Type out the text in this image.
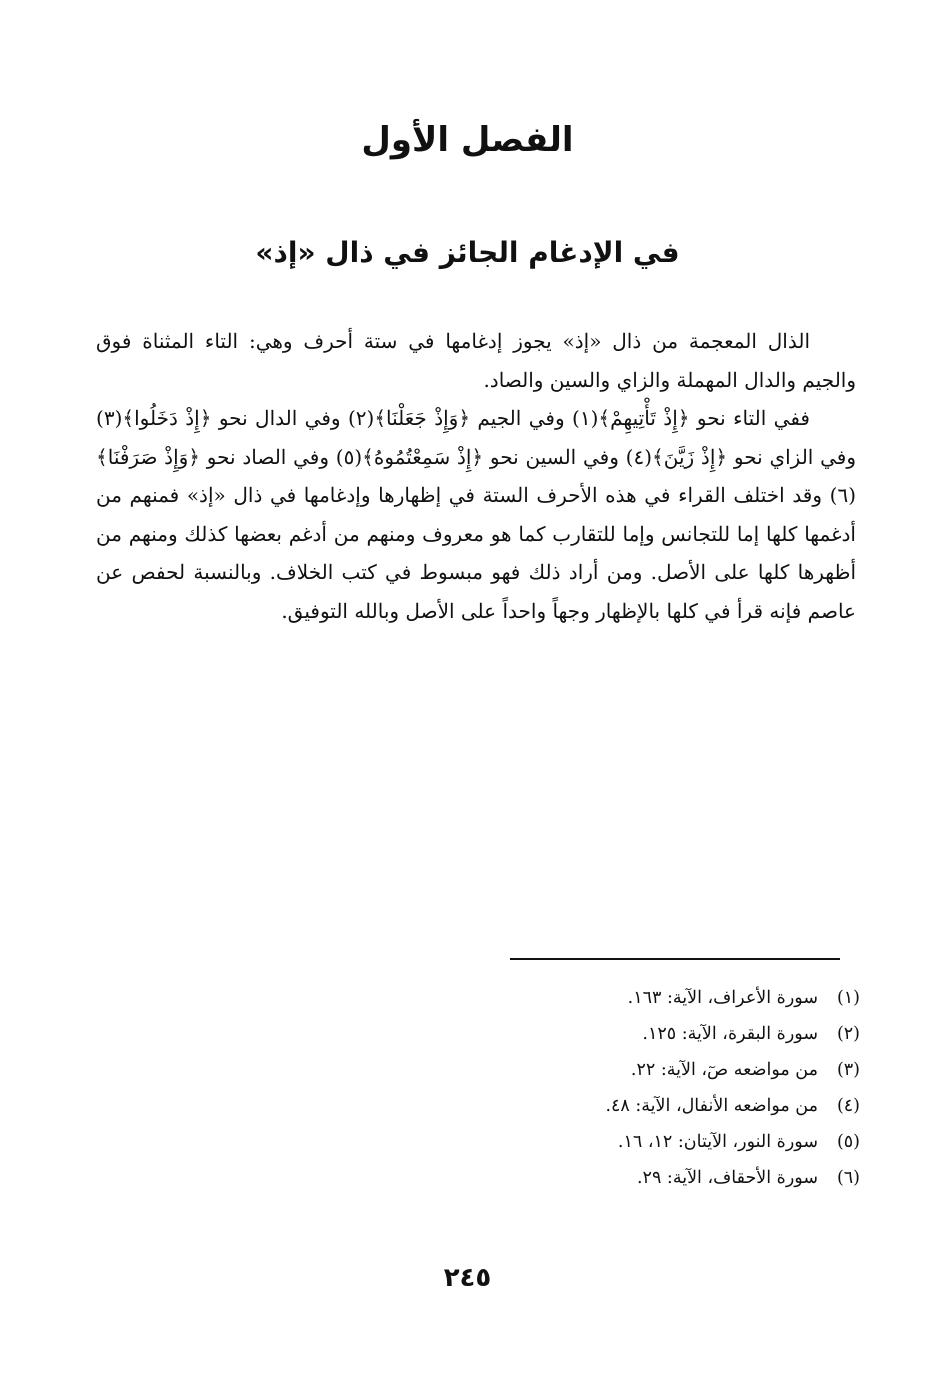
الفصل الأول
في الإدغام الجائز في ذال «إذ»

الذال المعجمة من ذال «إذ» يجوز إدغامها في ستة أحرف وهي: التاء المثناة فوق والجيم والدال المهملة والزاي والسين والصاد.

ففي التاء نحو ﴿إِذْ تَأْتِيهِمْ﴾(١) وفي الجيم ﴿وَإِذْ جَعَلْنَا﴾(٢) وفي الدال نحو ﴿إِذْ دَخَلُوا﴾(٣) وفي الزاي نحو ﴿إِذْ زَيَّنَ﴾(٤) وفي السين نحو ﴿إِذْ سَمِعْتُمُوهُ﴾(٥) وفي الصاد نحو ﴿وَإِذْ صَرَفْنَا﴾(٦) وقد اختلف القراء في هذه الأحرف الستة في إظهارها وإدغامها في ذال «إذ» فمنهم من أدغمها كلها إما للتجانس وإما للتقارب كما هو معروف ومنهم من أدغم بعضها كذلك ومنهم من أظهرها كلها على الأصل. ومن أراد ذلك فهو مبسوط في كتب الخلاف. وبالنسبة لحفص عن عاصم فإنه قرأ في كلها بالإظهار وجهاً واحداً على الأصل وبالله التوفيق.

(١)سورة الأعراف، الآية: ١٦٣.
(٢)سورة البقرة، الآية: ١٢٥.
(٣)من مواضعه صٓ، الآية: ٢٢.
(٤)من مواضعه الأنفال، الآية: ٤٨.
(٥)سورة النور، الآيتان: ١٢، ١٦.
(٦)سورة الأحقاف، الآية: ٢٩.
٢٤٥
